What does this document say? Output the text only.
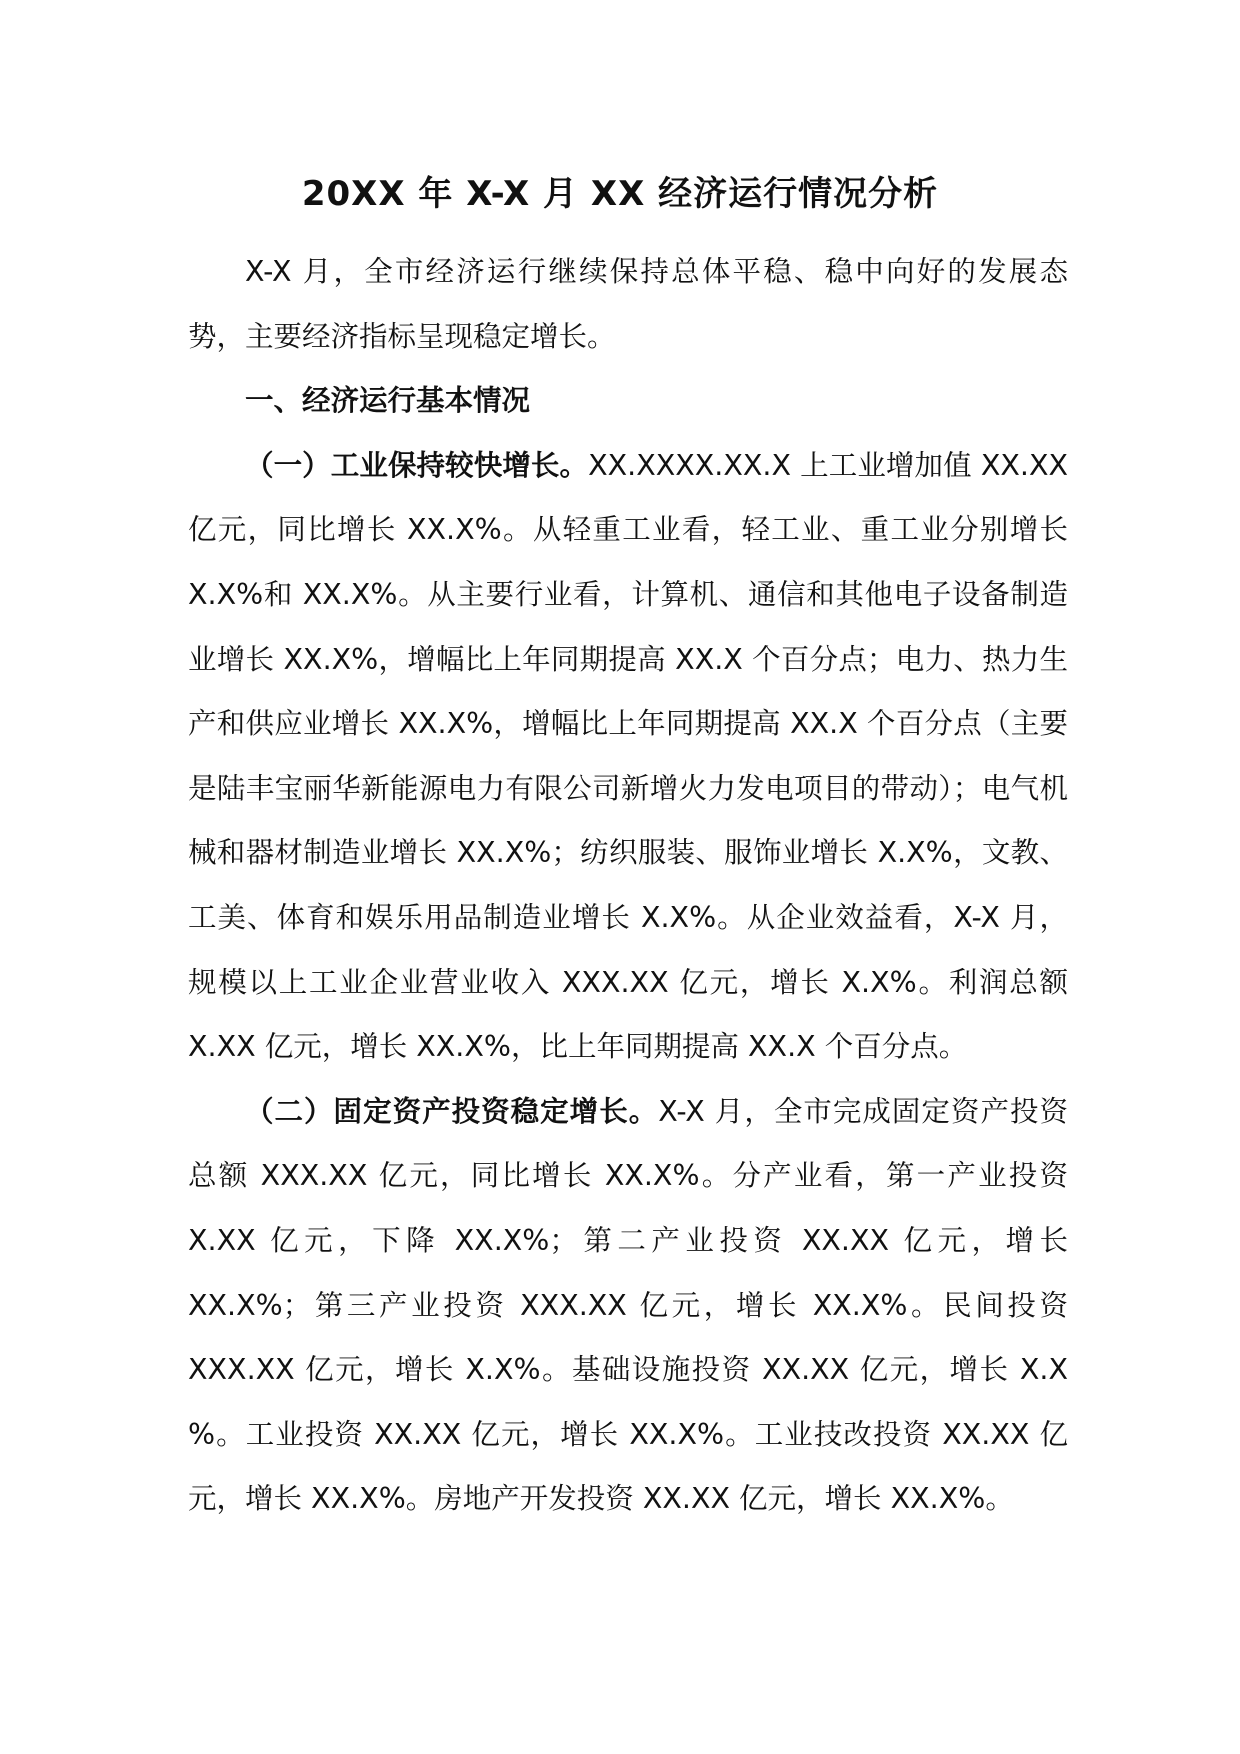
20XX 年 X-X 月 XX 经济运行情况分析

X-X 月，全市经济运行继续保持总体平稳、稳中向好的发展态势，主要经济指标呈现稳定增长。

一、经济运行基本情况

（一）工业保持较快增长。XX.XXXX.XX.X 上工业增加值 XX.XX 亿元，同比增长 XX.X%。从轻重工业看，轻工业、重工业分别增长 X.X%和 XX.X%。从主要行业看，计算机、通信和其他电子设备制造业增长 XX.X%，增幅比上年同期提高 XX.X 个百分点；电力、热力生产和供应业增长 XX.X%，增幅比上年同期提高 XX.X 个百分点（主要是陆丰宝丽华新能源电力有限公司新增火力发电项目的带动）；电气机械和器材制造业增长 XX.X%；纺织服装、服饰业增长 X.X%，文教、工美、体育和娱乐用品制造业增长 X.X%。从企业效益看，X-X 月，规模以上工业企业营业收入 XXX.XX 亿元，增长 X.X%。利润总额 X.XX 亿元，增长 XX.X%，比上年同期提高 XX.X 个百分点。

（二）固定资产投资稳定增长。X-X 月，全市完成固定资产投资总额 XXX.XX 亿元，同比增长 XX.X%。分产业看，第一产业投资 X.XX 亿元，下降 XX.X%；第二产业投资 XX.XX 亿元，增长 XX.X%；第三产业投资 XXX.XX 亿元，增长 XX.X%。民间投资 XXX.XX 亿元，增长 X.X%。基础设施投资 XX.XX 亿元，增长 X.X %。工业投资 XX.XX 亿元，增长 XX.X%。工业技改投资 XX.XX 亿元，增长 XX.X%。房地产开发投资 XX.XX 亿元，增长 XX.X%。
